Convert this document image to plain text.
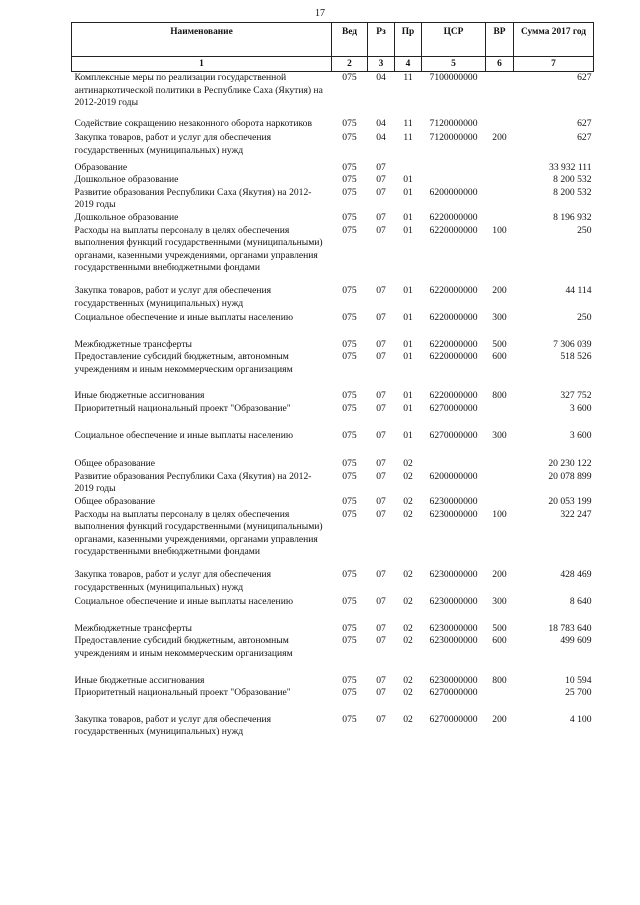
17
Наименование	Вед	Рз	Пр	ЦСР	ВР	Сумма 2017 год
1	2	3	4	5	6	7
Комплексные меры по реализации государственной антинаркотической политики в Республике Саха (Якутия) на 2012-2019 годы	075	04	11	7100000000		627
Содействие сокращению незаконного оборота наркотиков	075	04	11	7120000000		627
Закупка товаров, работ и услуг для обеспечения государственных (муниципальных) нужд	075	04	11	7120000000	200	627
Образование	075	07				33 932 111
Дошкольное образование	075	07	01			8 200 532
Развитие образования Республики Саха (Якутия) на 2012-2019 годы	075	07	01	6200000000		8 200 532
Дошкольное образование	075	07	01	6220000000		8 196 932
Расходы на выплаты персоналу в целях обеспечения выполнения функций государственными (муниципальными) органами, казенными учреждениями, органами управления государственными внебюджетными фондами	075	07	01	6220000000	100	250
Закупка товаров, работ и услуг для обеспечения государственных (муниципальных) нужд	075	07	01	6220000000	200	44 114
Социальное обеспечение и иные выплаты населению	075	07	01	6220000000	300	250
Межбюджетные трансферты	075	07	01	6220000000	500	7 306 039
Предоставление субсидий бюджетным, автономным учреждениям и иным некоммерческим организациям	075	07	01	6220000000	600	518 526
Иные бюджетные ассигнования	075	07	01	6220000000	800	327 752
Приоритетный национальный проект "Образование"	075	07	01	6270000000		3 600
Социальное обеспечение и иные выплаты населению	075	07	01	6270000000	300	3 600
Общее образование	075	07	02			20 230 122
Развитие образования Республики Саха (Якутия) на 2012-2019 годы	075	07	02	6200000000		20 078 899
Общее образование	075	07	02	6230000000		20 053 199
Расходы на выплаты персоналу в целях обеспечения выполнения функций государственными (муниципальными) органами, казенными учреждениями, органами управления государственными внебюджетными фондами	075	07	02	6230000000	100	322 247
Закупка товаров, работ и услуг для обеспечения государственных (муниципальных) нужд	075	07	02	6230000000	200	428 469
Социальное обеспечение и иные выплаты населению	075	07	02	6230000000	300	8 640
Межбюджетные трансферты	075	07	02	6230000000	500	18 783 640
Предоставление субсидий бюджетным, автономным учреждениям и иным некоммерческим организациям	075	07	02	6230000000	600	499 609
Иные бюджетные ассигнования	075	07	02	6230000000	800	10 594
Приоритетный национальный проект "Образование"	075	07	02	6270000000		25 700
Закупка товаров, работ и услуг для обеспечения государственных (муниципальных) нужд	075	07	02	6270000000	200	4 100
